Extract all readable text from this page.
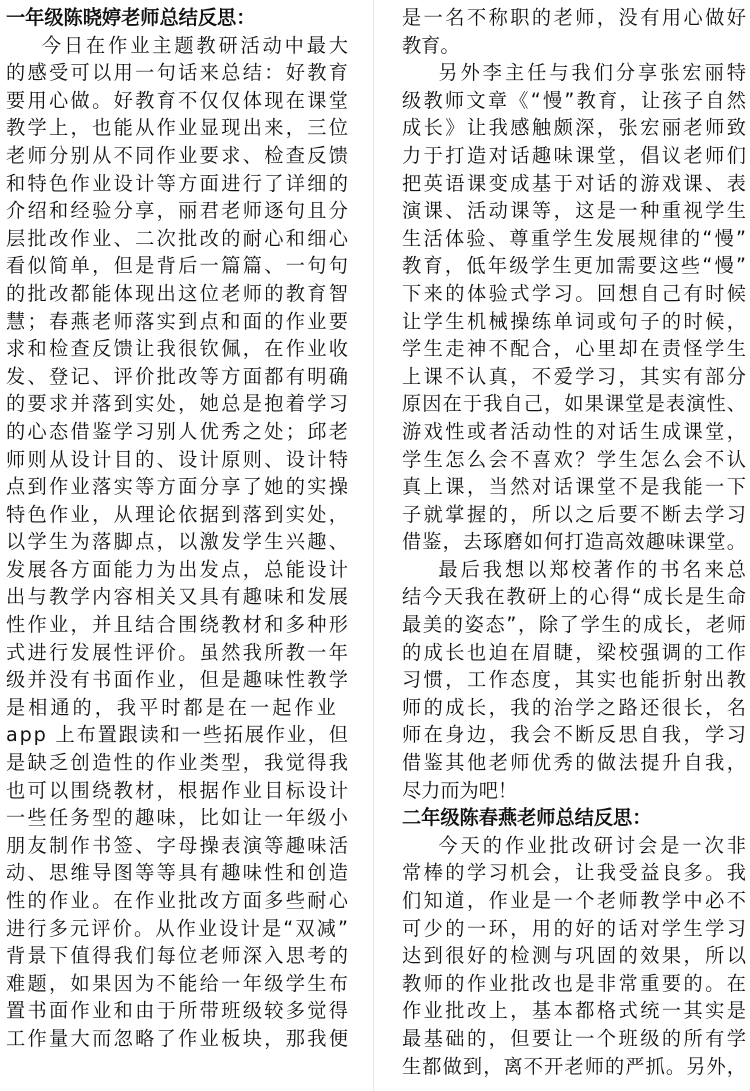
一年级陈晓婷老师总结反思：
今日在作业主题教研活动中最大
的感受可以用一句话来总结：好教育
要用心做。好教育不仅仅体现在课堂
教学上，也能从作业显现出来，三位
老师分别从不同作业要求、检查反馈
和特色作业设计等方面进行了详细的
介绍和经验分享，丽君老师逐句且分
层批改作业、二次批改的耐心和细心
看似简单，但是背后一篇篇、一句句
的批改都能体现出这位老师的教育智
慧；春燕老师落实到点和面的作业要
求和检查反馈让我很钦佩，在作业收
发、登记、评价批改等方面都有明确
的要求并落到实处，她总是抱着学习
的心态借鉴学习别人优秀之处；邱老
师则从设计目的、设计原则、设计特
点到作业落实等方面分享了她的实操
特色作业，从理论依据到落到实处，
以学生为落脚点，以激发学生兴趣、
发展各方面能力为出发点，总能设计
出与教学内容相关又具有趣味和发展
性作业，并且结合围绕教材和多种形
式进行发展性评价。虽然我所教一年
级并没有书面作业，但是趣味性教学
是相通的，我平时都是在一起作业
app 上布置跟读和一些拓展作业，但
是缺乏创造性的作业类型，我觉得我
也可以围绕教材，根据作业目标设计
一些任务型的趣味，比如让一年级小
朋友制作书签、字母操表演等趣味活
动、思维导图等等具有趣味性和创造
性的作业。在作业批改方面多些耐心
进行多元评价。从作业设计是“双减”
背景下值得我们每位老师深入思考的
难题，如果因为不能给一年级学生布
置书面作业和由于所带班级较多觉得
工作量大而忽略了作业板块，那我便
是一名不称职的老师，没有用心做好
教育。
另外李主任与我们分享张宏丽特
级教师文章《“慢”教育，让孩子自然
成长》让我感触颇深，张宏丽老师致
力于打造对话趣味课堂，倡议老师们
把英语课变成基于对话的游戏课、表
演课、活动课等，这是一种重视学生
生活体验、尊重学生发展规律的“慢”
教育，低年级学生更加需要这些“慢”
下来的体验式学习。回想自己有时候
让学生机械操练单词或句子的时候，
学生走神不配合，心里却在责怪学生
上课不认真，不爱学习，其实有部分
原因在于我自己，如果课堂是表演性、
游戏性或者活动性的对话生成课堂，
学生怎么会不喜欢？学生怎么会不认
真上课，当然对话课堂不是我能一下
子就掌握的，所以之后要不断去学习
借鉴，去琢磨如何打造高效趣味课堂。
最后我想以郑校著作的书名来总
结今天我在教研上的心得“成长是生命
最美的姿态”，除了学生的成长，老师
的成长也迫在眉睫，梁校强调的工作
习惯，工作态度，其实也能折射出教
师的成长，我的治学之路还很长，名
师在身边，我会不断反思自我，学习
借鉴其他老师优秀的做法提升自我，
尽力而为吧！
二年级陈春燕老师总结反思：
今天的作业批改研讨会是一次非
常棒的学习机会，让我受益良多。我
们知道，作业是一个老师教学中必不
可少的一环，用的好的话对学生学习
达到很好的检测与巩固的效果，所以
教师的作业批改也是非常重要的。在
作业批改上，基本都格式统一其实是
最基础的，但要让一个班级的所有学
生都做到，离不开老师的严抓。另外，
